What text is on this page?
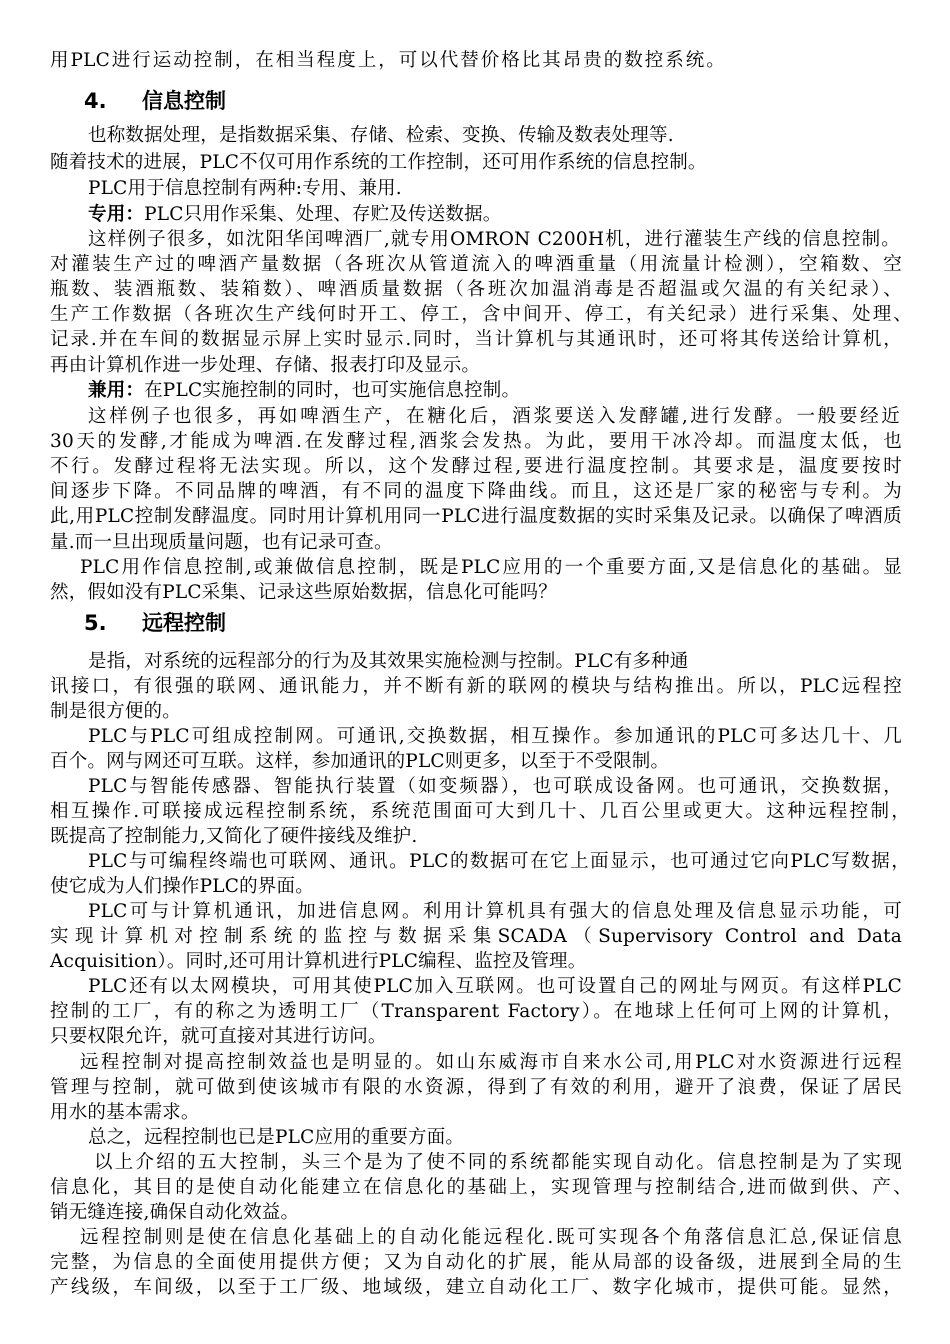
用PLC进行运动控制，在相当程度上，可以代替价格比其昂贵的数控系统。
4. 信息控制
也称数据处理，是指数据采集、存储、检索、变换、传输及数表处理等.
随着技术的进展，PLC不仅可用作系统的工作控制，还可用作系统的信息控制。
PLC用于信息控制有两种:专用、兼用.
专用：PLC只用作采集、处理、存贮及传送数据。
这样例子很多，如沈阳华闰啤酒厂,就专用OMRON C200H机，进行灌装生产线的信息控制。
对灌装生产过的啤酒产量数据（各班次从管道流入的啤酒重量（用流量计检测），空箱数、空
瓶数、装酒瓶数、装箱数）、啤酒质量数据（各班次加温消毒是否超温或欠温的有关纪录）、
生产工作数据（各班次生产线何时开工、停工，含中间开、停工，有关纪录）进行采集、处理、
记录.并在车间的数据显示屏上实时显示.同时，当计算机与其通讯时，还可将其传送给计算机，
再由计算机作进一步处理、存储、报表打印及显示。
兼用：在PLC实施控制的同时，也可实施信息控制。
这样例子也很多，再如啤酒生产，在糖化后，酒浆要送入发酵罐,进行发酵。一般要经近
30天的发酵,才能成为啤酒.在发酵过程,酒浆会发热。为此，要用干冰冷却。而温度太低，也
不行。发酵过程将无法实现。所以，这个发酵过程,要进行温度控制。其要求是，温度要按时
间逐步下降。不同品牌的啤酒，有不同的温度下降曲线。而且，这还是厂家的秘密与专利。为
此,用PLC控制发酵温度。同时用计算机用同一PLC进行温度数据的实时采集及记录。以确保了啤酒质
量.而一旦出现质量问题，也有记录可查。
PLC用作信息控制,或兼做信息控制，既是PLC应用的一个重要方面,又是信息化的基础。显
然，假如没有PLC采集、记录这些原始数据，信息化可能吗？
5. 远程控制
是指，对系统的远程部分的行为及其效果实施检测与控制。PLC有多种通
讯接口，有很强的联网、通讯能力，并不断有新的联网的模块与结构推出。所以，PLC远程控
制是很方便的。
PLC与PLC可组成控制网。可通讯,交换数据，相互操作。参加通讯的PLC可多达几十、几
百个。网与网还可互联。这样，参加通讯的PLC则更多，以至于不受限制。
PLC与智能传感器、智能执行装置（如变频器），也可联成设备网。也可通讯，交换数据，
相互操作.可联接成远程控制系统，系统范围面可大到几十、几百公里或更大。这种远程控制，
既提高了控制能力,又简化了硬件接线及维护.
PLC与可编程终端也可联网、通讯。PLC的数据可在它上面显示，也可通过它向PLC写数据，
使它成为人们操作PLC的界面。
PLC可与计算机通讯，加进信息网。利用计算机具有强大的信息处理及信息显示功能，可
实现计算机对控制系统的监控与数据采集SCADA（Supervisory Control and Data
Acquisition）。同时,还可用计算机进行PLC编程、监控及管理。
PLC还有以太网模块，可用其使PLC加入互联网。也可设置自己的网址与网页。有这样PLC
控制的工厂，有的称之为透明工厂（Transparent Factory）。在地球上任何可上网的计算机，
只要权限允许，就可直接对其进行访问。
远程控制对提高控制效益也是明显的。如山东威海市自来水公司,用PLC对水资源进行远程
管理与控制，就可做到使该城市有限的水资源，得到了有效的利用，避开了浪费，保证了居民
用水的基本需求。
总之，远程控制也已是PLC应用的重要方面。
以上介绍的五大控制，头三个是为了使不同的系统都能实现自动化。信息控制是为了实现
信息化，其目的是使自动化能建立在信息化的基础上，实现管理与控制结合,进而做到供、产、
销无缝连接,确保自动化效益。
远程控制则是使在信息化基础上的自动化能远程化.既可实现各个角落信息汇总,保证信息
完整，为信息的全面使用提供方便；又为自动化的扩展，能从局部的设备级，进展到全局的生
产线级，车间级，以至于工厂级、地域级，建立自动化工厂、数字化城市，提供可能。显然，
